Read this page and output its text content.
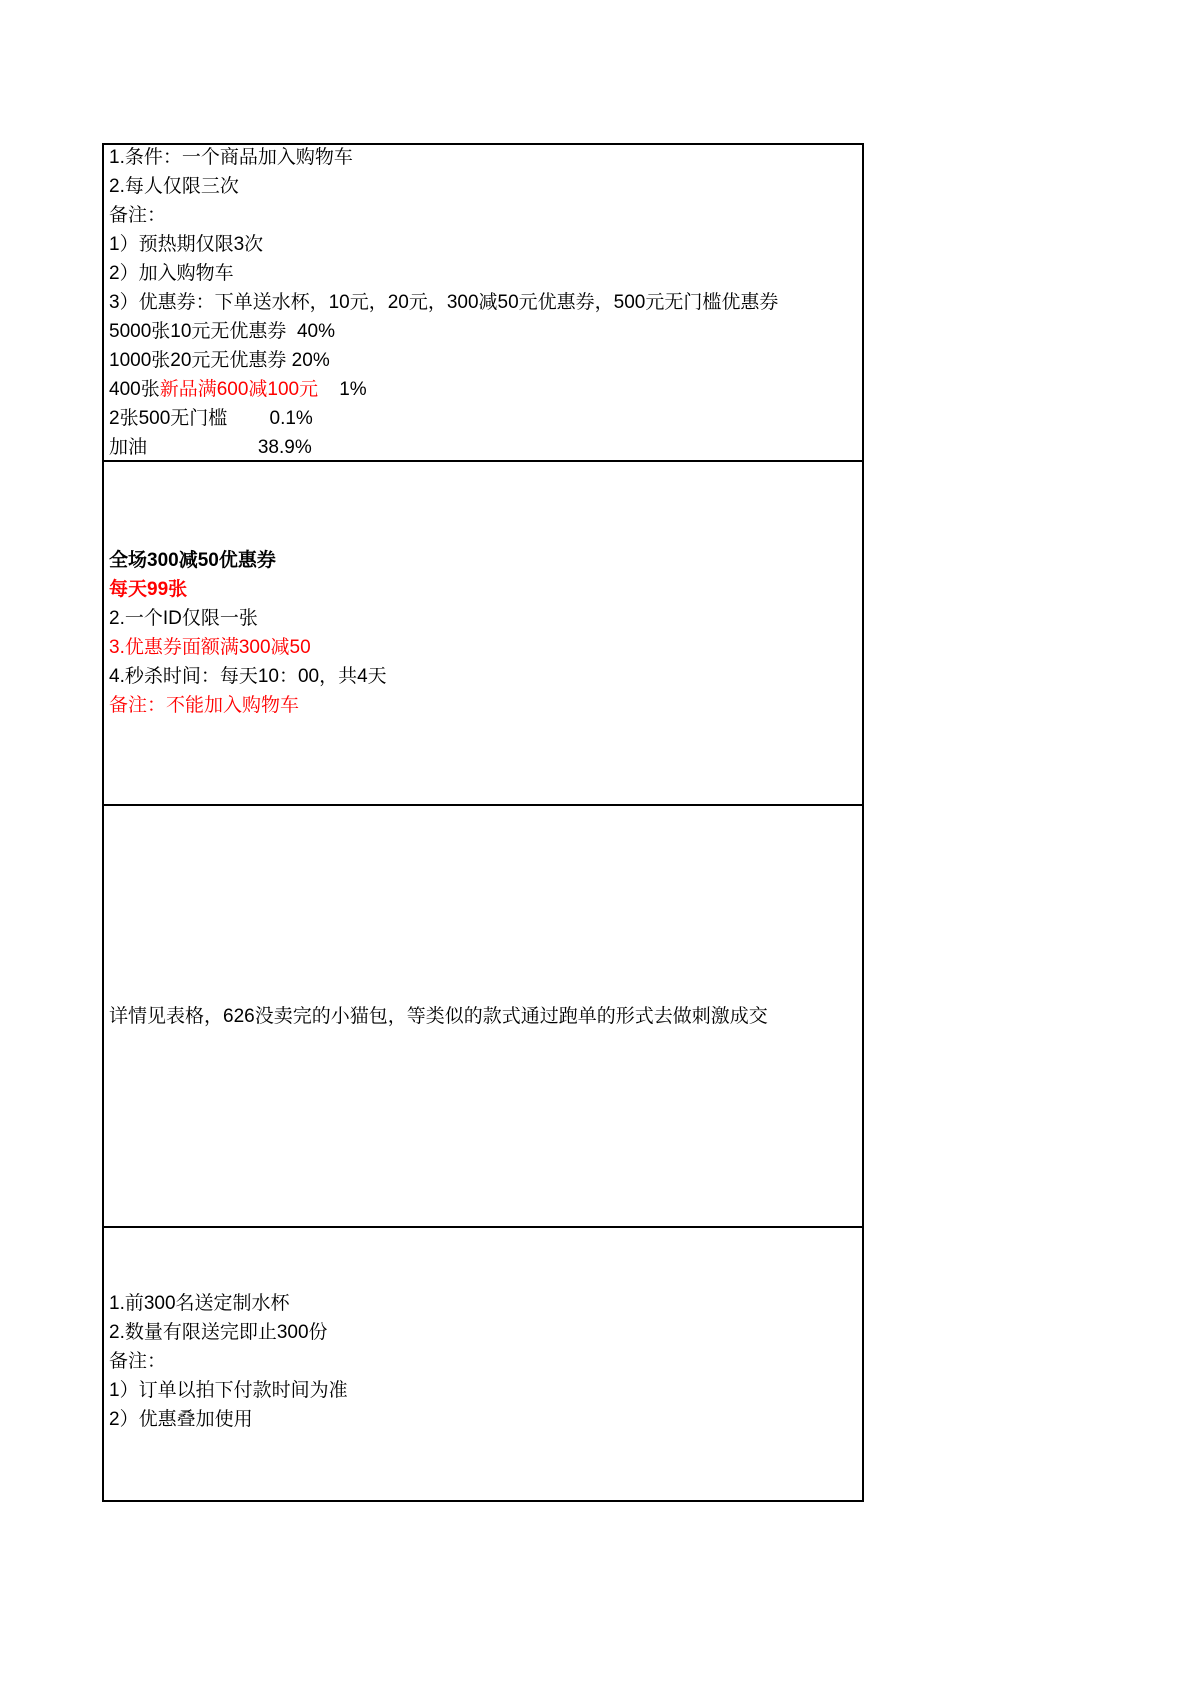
1.条件：一个商品加入购物车
2.每人仅限三次
备注：
1）预热期仅限3次
2）加入购物车
3）优惠券：下单送水杯，10元，20元，300减50元优惠券，500元无门槛优惠券
5000张10元无优惠券  40%
1000张20元无优惠券 20%
400张新品满600减100元    1%
2张500无门槛        0.1%
加油                     38.9%
全场300减50优惠券
每天99张
2.一个ID仅限一张
3.优惠券面额满300减50
4.秒杀时间：每天10：00，共4天
备注：不能加入购物车
详情见表格，626没卖完的小猫包，等类似的款式通过跑单的形式去做刺激成交
1.前300名送定制水杯
2.数量有限送完即止300份
备注：
1）订单以拍下付款时间为准
2）优惠叠加使用
